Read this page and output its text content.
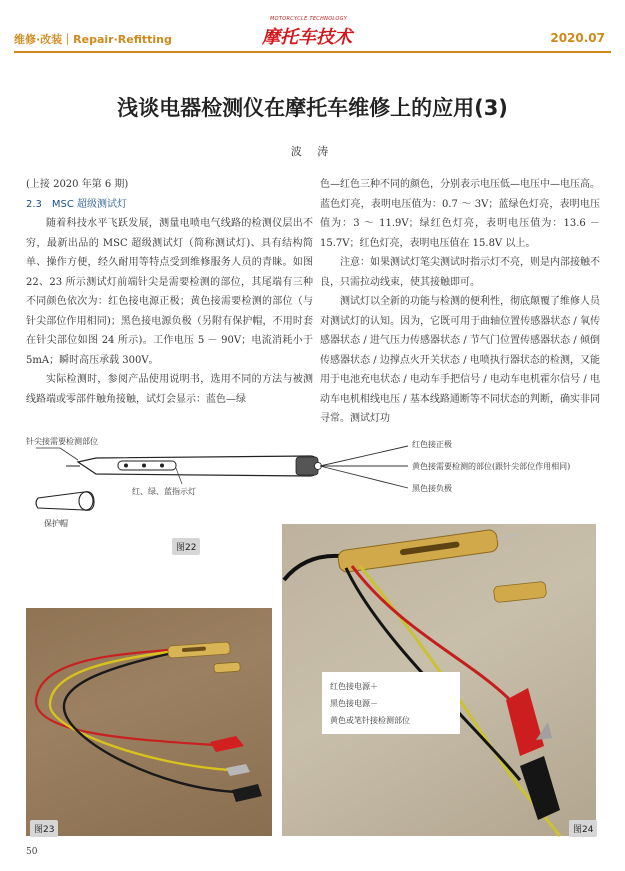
维修·改装｜Repair·Refitting
MOTORCYCLE TECHNOLOGY
摩托车技术	2020.07
浅谈电器检测仪在摩托车维修上的应用(3)
波 涛

(上接 2020 年第 6 期)

2.3　MSC 超级测试灯

随着科技水平飞跃发展，测量电喷电气线路的检测仪层出不穷，最新出品的 MSC 超级测试灯（简称测试灯)、具有结构简单、操作方便，经久耐用等特点受到维修服务人员的青睐。如图 22、23 所示测试灯前端针尖是需要检测的部位，其尾端有三种不同颜色依次为：红色接电源正极；黄色接需要检测的部位（与针尖部位作用相同)；黑色接电源负极（另附有保护帽，不用时套在针尖部位如图 24 所示)。工作电压 5 － 90V；电流消耗小于 5mA；瞬时高压承载 300V。

实际检测时，参阅产品使用说明书，选用不同的方法与被测线路端或零部件触角接触，试灯会显示：蓝色—绿

色—红色三种不同的颜色，分别表示电压低—电压中—电压高。蓝色灯亮，表明电压值为：0.7 ～ 3V；蓝绿色灯亮，表明电压值为：3 ～ 11.9V；绿红色灯亮，表明电压值为：13.6 － 15.7V；红色灯亮，表明电压值在 15.8V 以上。

注意：如果测试灯笔尖测试时指示灯不亮，则是内部接触不良，只需拉动线束，使其接触即可。

测试灯以全新的功能与检测的便利性，彻底颠覆了维修人员对测试灯的认知。因为，它既可用于曲轴位置传感器状态 / 氧传感器状态 / 进气压力传感器状态 / 节气门位置传感器状态 / 倾倒传感器状态 / 边撑点火开关状态 / 电喷执行器状态的检测，又能用于电池充电状态 / 电动车手把信号 / 电动车电机霍尔信号 / 电动车电机相线电压 / 基本线路通断等不同状态的判断，确实非同寻常。测试灯功

针尖接需要检测部位	红色接正极
黄色接需要检测的部位(跟针尖部位作用相同)
黑色接负极
红、绿、蓝指示灯
保护帽
图22
图23	图24
红色接电源＋
黑色接电源－
黄色或笔针接检测部位
50
